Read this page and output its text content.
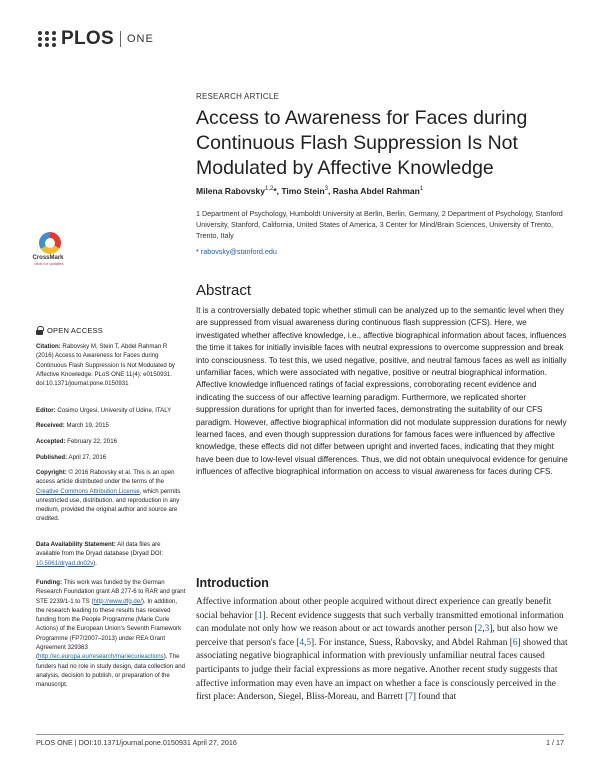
PLOS ONE
RESEARCH ARTICLE
Access to Awareness for Faces during Continuous Flash Suppression Is Not Modulated by Affective Knowledge
Milena Rabovsky$^{1,2}$*, Timo Stein$^3$, Rasha Abdel Rahman$^1$
1 Department of Psychology, Humboldt University at Berlin, Berlin, Germany, 2 Department of Psychology, Stanford University, Stanford, California, United States of America, 3 Center for Mind/Brain Sciences, University of Trento, Trento, Italy
* rabovsky@stanford.edu
CrossMark
click for updates
Abstract
It is a controversially debated topic whether stimuli can be analyzed up to the semantic level when they are suppressed from visual awareness during continuous flash suppression (CFS). Here, we investigated whether affective knowledge, i.e., affective biographical information about faces, influences the time it takes for initially invisible faces with neutral expressions to overcome suppression and break into consciousness. To test this, we used negative, positive, and neutral famous faces as well as initially unfamiliar faces, which were associated with negative, positive or neutral biographical information. Affective knowledge influenced ratings of facial expressions, corroborating recent evidence and indicating the success of our affective learning paradigm. Furthermore, we replicated shorter suppression durations for upright than for inverted faces, demonstrating the suitability of our CFS paradigm. However, affective biographical information did not modulate suppression durations for newly learned faces, and even though suppression durations for famous faces were influenced by affective knowledge, these effects did not differ between upright and inverted faces, indicating that they might have been due to low-level visual differences. Thus, we did not obtain unequivocal evidence for genuine influences of affective biographical information on access to visual awareness for faces during CFS.
OPEN ACCESS
Citation: Rabovsky M, Stein T, Abdel Rahman R (2016) Access to Awareness for Faces during Continuous Flash Suppression Is Not Modulated by Affective Knowledge. PLoS ONE 11(4): e0150931. doi:10.1371/journal.pone.0150931
Editor: Cosimo Urgesi, University of Udine, ITALY
Received: March 19, 2015
Accepted: February 22, 2016
Published: April 27, 2016
Copyright: © 2016 Rabovsky et al. This is an open access article distributed under the terms of the Creative Commons Attribution License, which permits unrestricted use, distribution, and reproduction in any medium, provided the original author and source are credited.
Data Availability Statement: All data files are available from the Dryad database (Dryad DOI: 10.5061/dryad.dn02v).
Funding: This work was funded by the German Research Foundation grant AB 277-6 to RAR and grant STE 2239/1-1 to TS (http://www.dfg.de/). In addition, the research leading to these results has received funding from the People Programme (Marie Curie Actions) of the European Union's Seventh Framework Programme (FP7/2007–2013) under REA Grant Agreement 329363 (http://ec.europa.eu/research/mariecurieactions). The funders had no role in study design, data collection and analysis, decision to publish, or preparation of the manuscript.
Introduction
Affective information about other people acquired without direct experience can greatly benefit social behavior [1]. Recent evidence suggests that such verbally transmitted emotional information can modulate not only how we reason about or act towards another person [2,3], but also how we perceive that person's face [4,5]. For instance, Suess, Rabovsky, and Abdel Rahman [6] showed that associating negative biographical information with previously unfamiliar neutral faces caused participants to judge their facial expressions as more negative. Another recent study suggests that affective information may even have an impact on whether a face is consciously perceived in the first place: Anderson, Siegel, Bliss-Moreau, and Barrett [7] found that
PLOS ONE | DOI:10.1371/journal.pone.0150931 April 27, 2016	1 / 17
